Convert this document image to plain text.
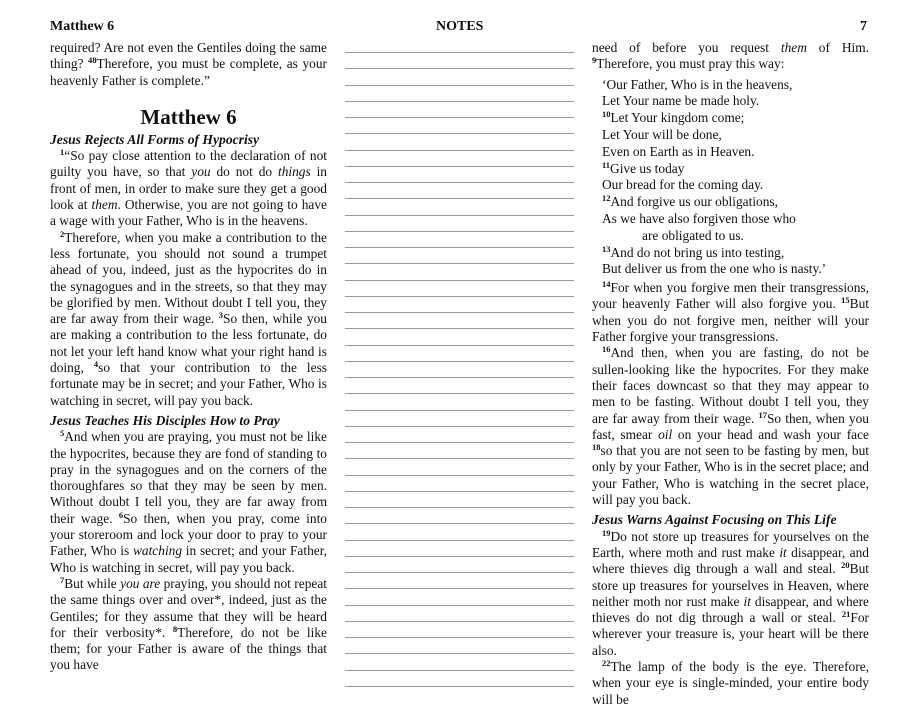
Matthew 6	NOTES	7

required? Are not even the Gentiles doing the same thing? $^{48}$Therefore, you must be complete, as your heavenly Father is complete.”

Matthew 6
Jesus Rejects All Forms of Hypocrisy

$^1$“So pay close attention to the declaration of not guilty you have, so that you do not do things in front of men, in order to make sure they get a good look at them. Otherwise, you are not going to have a wage with your Father, Who is in the heavens.

$^2$Therefore, when you make a contribution to the less fortunate, you should not sound a trumpet ahead of you, indeed, just as the hypocrites do in the synagogues and in the streets, so that they may be glorified by men. Without doubt I tell you, they are far away from their wage. $^3$So then, while you are making a contribution to the less fortunate, do not let your left hand know what your right hand is doing, $^4$so that your contribution to the less fortunate may be in secret; and your Father, Who is watching in secret, will pay you back.

Jesus Teaches His Disciples How to Pray

$^5$And when you are praying, you must not be like the hypocrites, because they are fond of standing to pray in the synagogues and on the corners of the thoroughfares so that they may be seen by men. Without doubt I tell you, they are far away from their wage. $^6$So then, when you pray, come into your storeroom and lock your door to pray to your Father, Who is watching in secret; and your Father, Who is watching in secret, will pay you back.

$^7$But while you are praying, you should not repeat the same things over and over*, indeed, just as the Gentiles; for they assume that they will be heard for their verbosity*. $^8$Therefore, do not be like them; for your Father is aware of the things that you have

need of before you request them of Him. $^9$Therefore, you must pray this way:

‘Our Father, Who is in the heavens,
Let Your name be made holy.
$^{10}$Let Your kingdom come;
Let Your will be done,
Even on Earth as in Heaven.
$^{11}$Give us today
Our bread for the coming day.
$^{12}$And forgive us our obligations,
As we have also forgiven those who
are obligated to us.
$^{13}$And do not bring us into testing,
But deliver us from the one who is nasty.’

$^{14}$For when you forgive men their transgressions, your heavenly Father will also forgive you. $^{15}$But when you do not forgive men, neither will your Father forgive your transgressions.

$^{16}$And then, when you are fasting, do not be sullen-looking like the hypocrites. For they make their faces downcast so that they may appear to men to be fasting. Without doubt I tell you, they are far away from their wage. $^{17}$So then, when you fast, smear oil on your head and wash your face $^{18}$so that you are not seen to be fasting by men, but only by your Father, Who is in the secret place; and your Father, Who is watching in the secret place, will pay you back.

Jesus Warns Against Focusing on This Life

$^{19}$Do not store up treasures for yourselves on the Earth, where moth and rust make it disappear, and where thieves dig through a wall and steal. $^{20}$But store up treasures for yourselves in Heaven, where neither moth nor rust make it disappear, and where thieves do not dig through a wall or steal. $^{21}$For wherever your treasure is, your heart will be there also.

$^{22}$The lamp of the body is the eye. Therefore, when your eye is single-minded, your entire body will be
